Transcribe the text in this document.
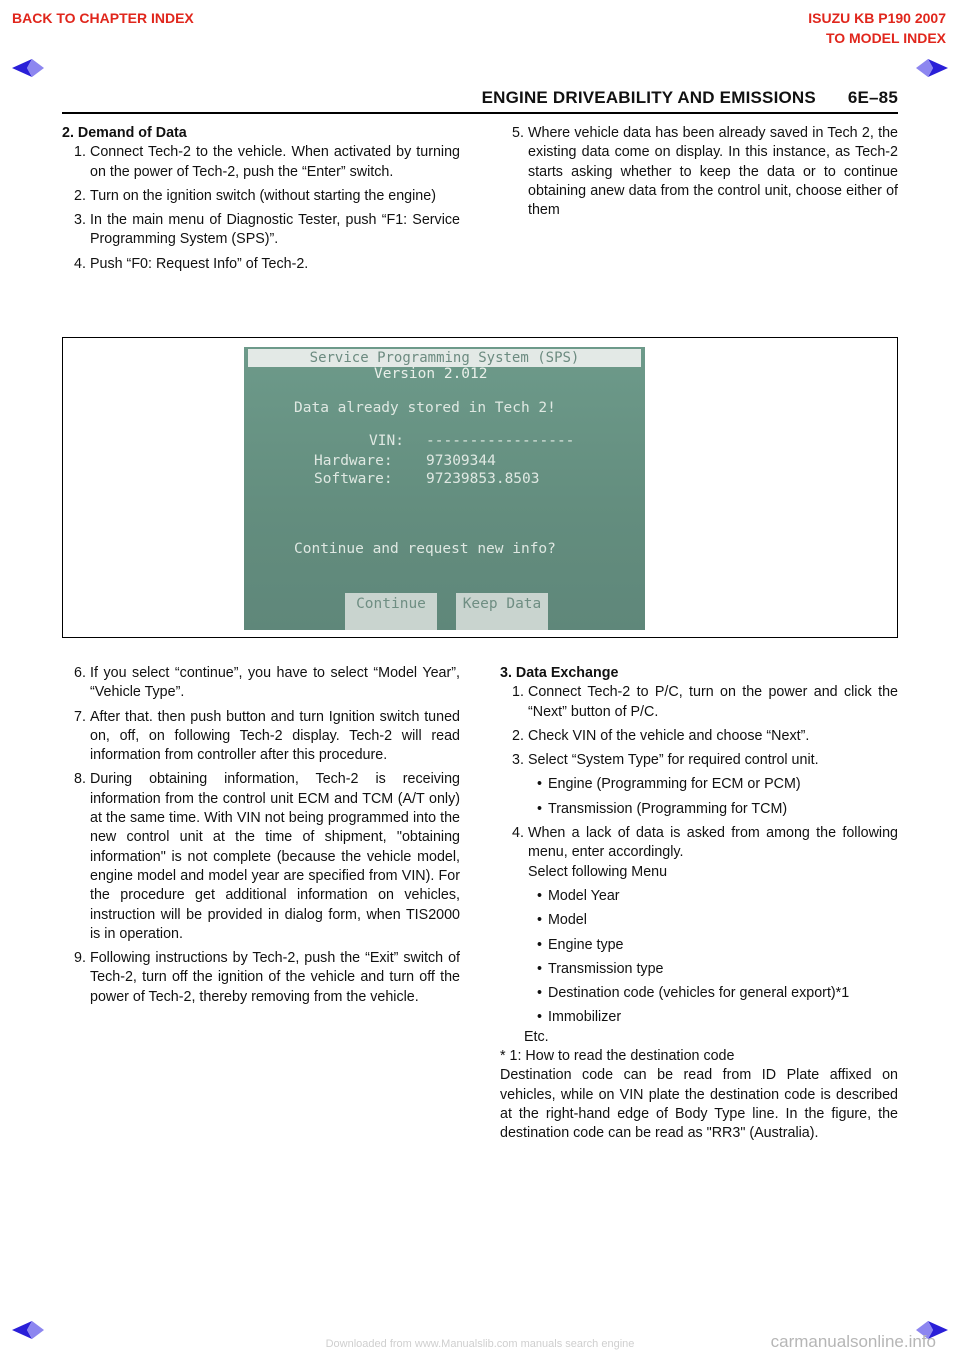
BACK TO CHAPTER INDEX	ISUZU KB P190 2007
TO MODEL INDEX
ENGINE DRIVEABILITY AND EMISSIONS 6E–85

2. Demand of Data

1. Connect Tech-2 to the vehicle. When activated by turning on the power of Tech-2, push the “Enter” switch.
2. Turn on the ignition switch (without starting the engine)
3. In the main menu of Diagnostic Tester, push “F1: Service Programming System (SPS)”.
4. Push “F0: Request Info” of Tech-2.
5. Where vehicle data has been already saved in Tech 2, the existing data come on display. In this instance, as Tech-2 starts asking whether to keep the data or to continue obtaining anew data from the control unit, choose either of them
Service Programming System (SPS)
Version 2.012
Data already stored in Tech 2!
VIN: -----------------
Hardware: 97309344
Software: 97239853.8503
Continue and request new info?
Continue	Keep Data
6. If you select “continue”, you have to select “Model Year”, “Vehicle Type”.
7. After that. then push button and turn Ignition switch tuned on, off, on following Tech-2 display. Tech-2 will read information from controller after this procedure.
8. During obtaining information, Tech-2 is receiving information from the control unit ECM and TCM (A/T only) at the same time. With VIN not being programmed into the new control unit at the time of shipment, "obtaining information" is not complete (because the vehicle model, engine model and model year are specified from VIN). For the procedure get additional information on vehicles, instruction will be provided in dialog form, when TIS2000 is in operation.
9. Following instructions by Tech-2, push the “Exit” switch of Tech-2, turn off the ignition of the vehicle and turn off the power of Tech-2, thereby removing from the vehicle.

3. Data Exchange

1. Connect Tech-2 to P/C, turn on the power and click the “Next” button of P/C.
2. Check VIN of the vehicle and choose “Next”.
3. Select “System Type” for required control unit.
• Engine (Programming for ECM or PCM)
• Transmission (Programming for TCM)
4. When a lack of data is asked from among the following menu, enter accordingly.
Select following Menu
• Model Year
• Model
• Engine type
• Transmission type
• Destination code (vehicles for general export)*1
• Immobilizer

Etc.

* 1: How to read the destination code

Destination code can be read from ID Plate affixed on vehicles, while on VIN plate the destination code is described at the right-hand edge of Body Type line. In the figure, the destination code can be read as "RR3" (Australia).

Downloaded from www.Manualslib.com manuals search engine	carmanualsonline.info
